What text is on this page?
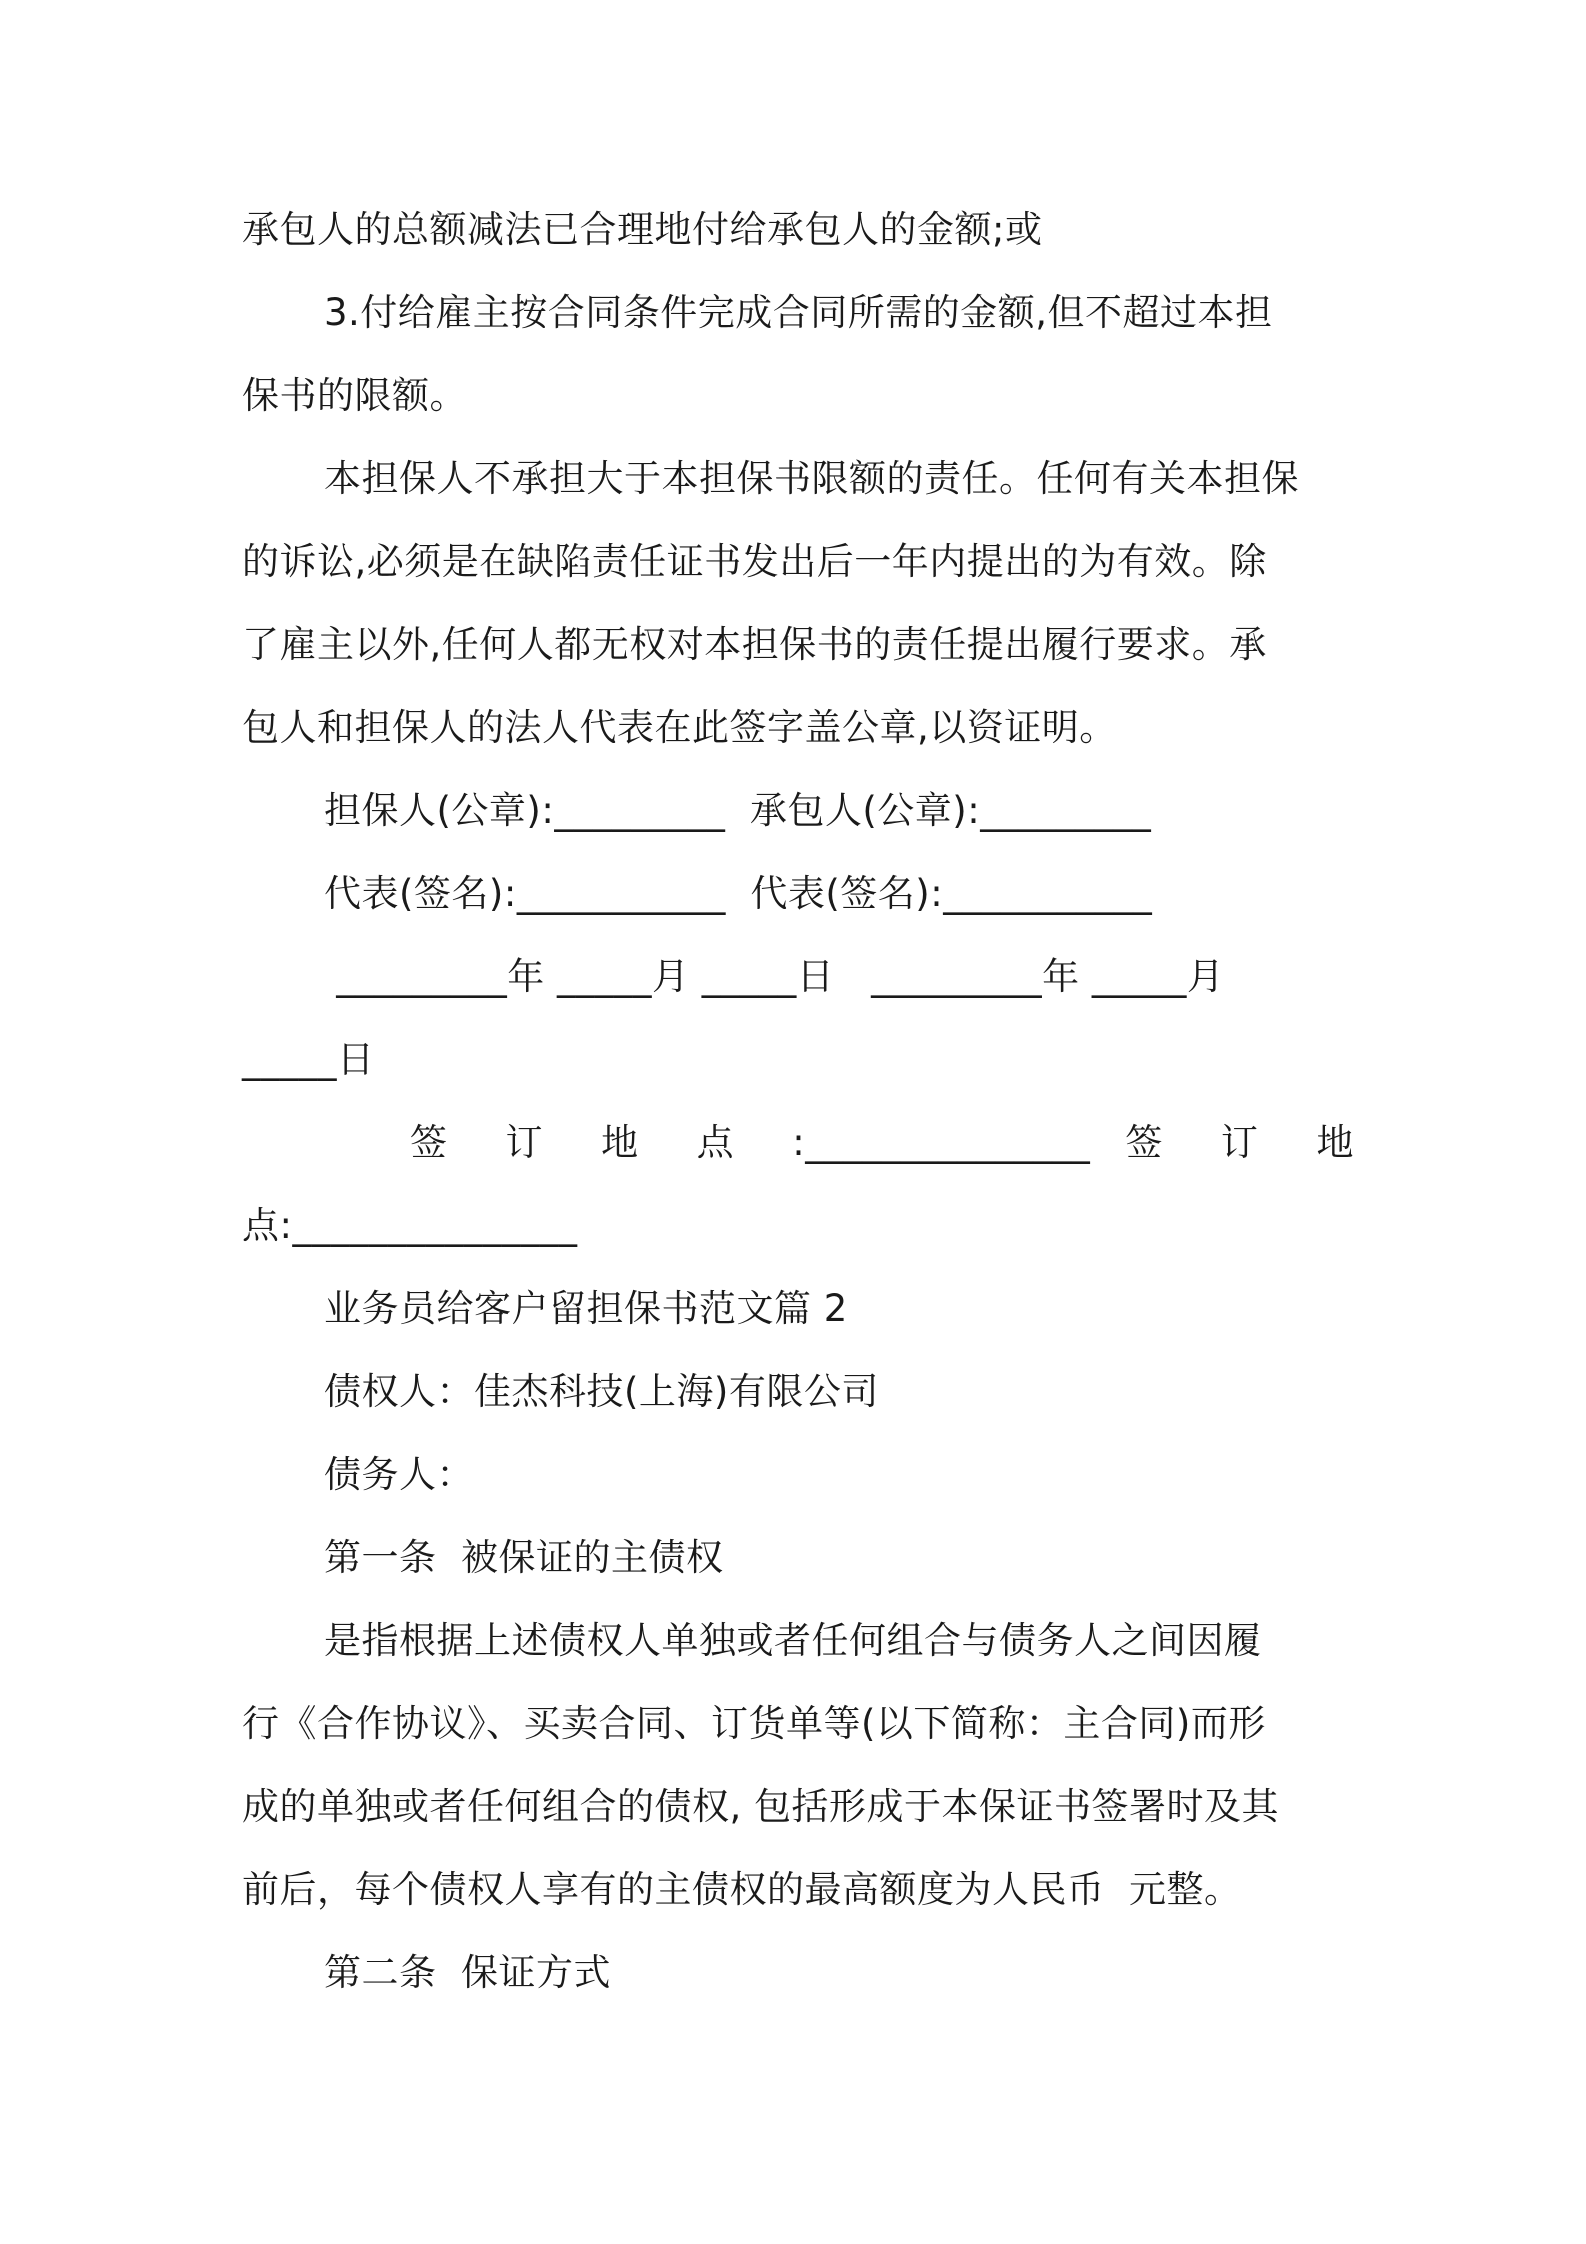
承包人的总额减法已合理地付给承包人的金额;或
3.付给雇主按合同条件完成合同所需的金额,但不超过本担
保书的限额。
本担保人不承担大于本担保书限额的责任。任何有关本担保
的诉讼,必须是在缺陷责任证书发出后一年内提出的为有效。除
了雇主以外,任何人都无权对本担保书的责任提出履行要求。承
包人和担保人的法人代表在此签字盖公章,以资证明。
担保人(公章):_________  承包人(公章):_________
代表(签名):___________  代表(签名):___________
_________年 _____月 _____日   _________年 _____月
_____日
签 订 地 点 :_______________ 签 订 地
点:_______________
业务员给客户留担保书范文篇 2
债权人：佳杰科技(上海)有限公司
债务人：
第一条  被保证的主债权
是指根据上述债权人单独或者任何组合与债务人之间因履
行《合作协议》、买卖合同、订货单等(以下简称：主合同)而形
成的单独或者任何组合的债权, 包括形成于本保证书签署时及其
前后，每个债权人享有的主债权的最高额度为人民币  元整。
第二条  保证方式
